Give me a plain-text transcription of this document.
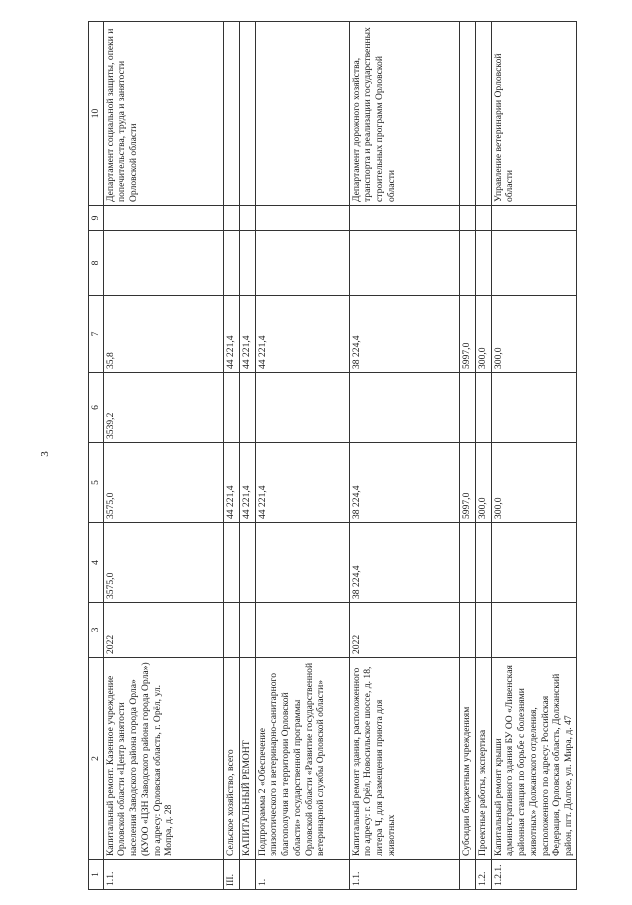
3
1	2	3	4	5	6	7	8	9	10
1.1.	Капитальный ремонт. Казенное учреждение Орловской области «Центр занятости населения Заводского района города Орла» (КУОО «ЦЗН Заводского района города Орла») по адресу: Орловская область, г. Орёл, ул. Мопра, д. 28	2022	3575,0	3575,0	3539,2	35,8			Департамент социальной защиты, опеки и попечительства, труда и занятости Орловской области
III.	Сельское хозяйство, всего			44 221,4		44 221,4			
	КАПИТАЛЬНЫЙ РЕМОНТ			44 221,4		44 221,4			
1.	Подпрограмма 2 «Обеспечение эпизоотического и ветеринарно-санитарного благополучия на территории Орловской области» государственной программы Орловской области «Развитие государственной ветеринарной службы Орловской области»			44 221,4		44 221,4			
1.1.	Капитальный ремонт здания, расположенного по адресу: г. Орёл, Новосильское шоссе, д. 18, литера Ч, для размещения приюта для животных	2022	38 224,4	38 224,4		38 224,4			Департамент дорожного хозяйства, транспорта и реализации государственных строительных программ Орловской области
	Субсидии бюджетным учреждениям			5997,0		5997,0			
1.2.	Проектные работы, экспертиза			300,0		300,0			
1.2.1.	Капитальный ремонт крыши административного здания БУ ОО «Ливенская районная станция по борьбе с болезнями животных» Должанского отделения, расположенного по адресу: Российская Федерация, Орловская область, Должанский район, пгт. Долгое, ул. Мира, д. 47			300,0		300,0			Управление ветеринарии Орловской области
